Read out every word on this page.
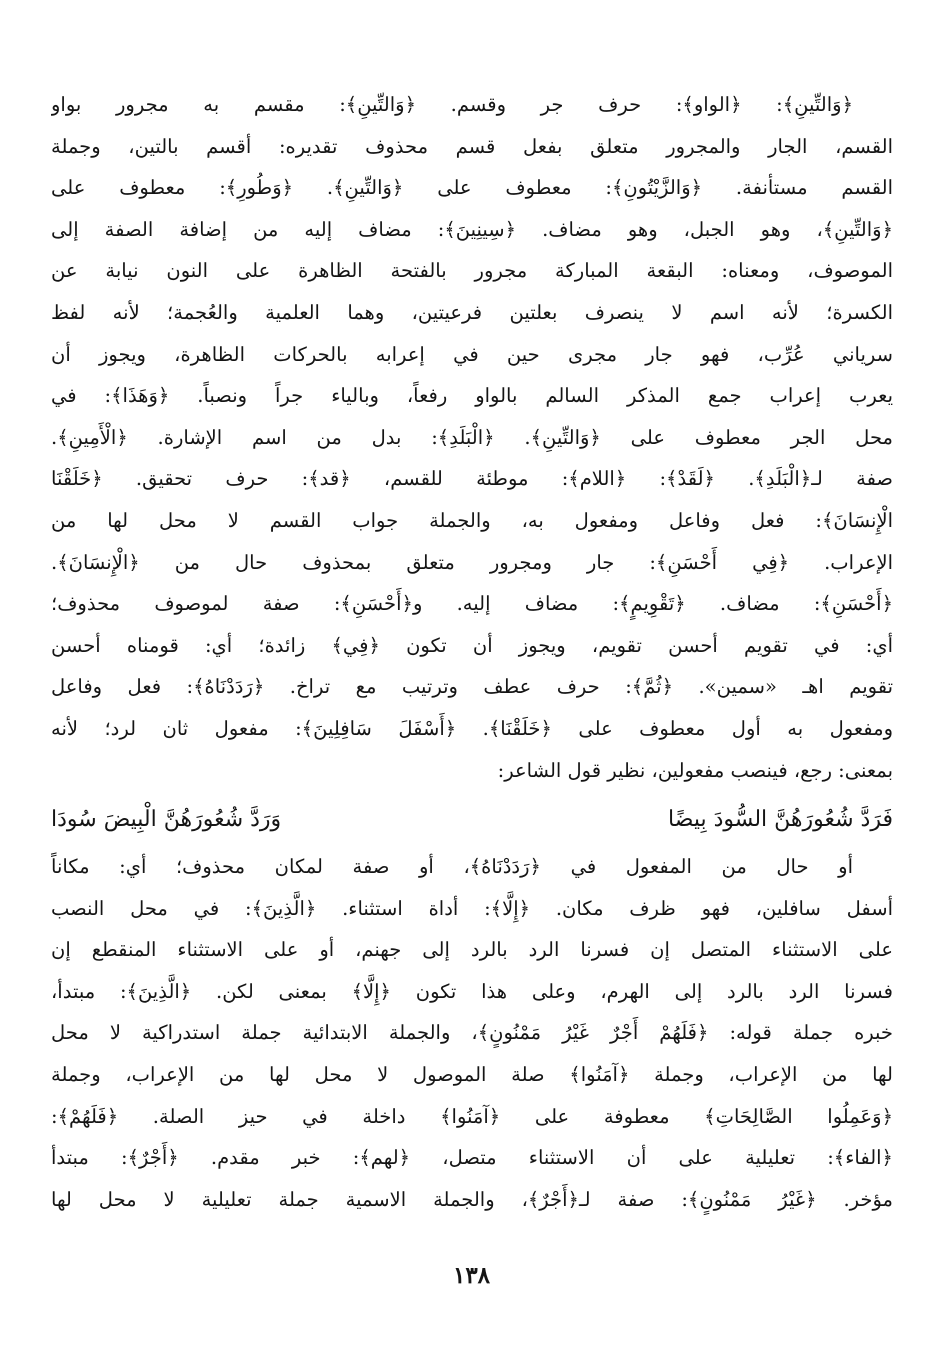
﴿وَالتِّينِ﴾: ﴿الواو﴾: حرف جر وقسم. ﴿وَالتِّينِ﴾: مقسم به مجرور بواو
القسم، الجار والمجرور متعلق بفعل قسم محذوف تقديره: أقسم بالتين، وجملة
القسم مستأنفة. ﴿وَالزَّيْتُونِ﴾: معطوف على ﴿وَالتِّينِ﴾. ﴿وَطُورِ﴾: معطوف على
﴿وَالتِّينِ﴾، وهو الجبل، وهو مضاف. ﴿سِينِينَ﴾: مضاف إليه من إضافة الصفة إلى
الموصوف، ومعناه: البقعة المباركة مجرور بالفتحة الظاهرة على النون نيابة عن
الكسرة؛ لأنه اسم لا ينصرف بعلتين فرعيتين، وهما العلمية والعُجمة؛ لأنه لفظ
سرياني عُرِّب، فهو جار مجرى حين في إعرابه بالحركات الظاهرة، ويجوز أن
يعرب إعراب جمع المذكر السالم بالواو رفعاً، وبالياء جراً ونصباً. ﴿وَهَذَا﴾: في
محل الجر معطوف على ﴿وَالتِّينِ﴾. ﴿الْبَلَدِ﴾: بدل من اسم الإشارة. ﴿الْأَمِينِ﴾.
صفة لـ﴿الْبَلَدِ﴾. ﴿لَقَدْ﴾: ﴿اللام﴾: موطئة للقسم، ﴿قد﴾: حرف تحقيق. ﴿خَلَقْنَا
الْإِنسَانَ﴾: فعل وفاعل ومفعول به، والجملة جواب القسم لا محل لها من
الإعراب. ﴿فِي أَحْسَنِ﴾: جار ومجرور متعلق بمحذوف حال من ﴿الْإِنسَانَ﴾.
﴿أَحْسَنِ﴾: مضاف. ﴿تَقْوِيمٍ﴾: مضاف إليه. و﴿أَحْسَنِ﴾: صفة لموصوف محذوف؛
أي: في تقويم أحسن تقويم، ويجوز أن تكون ﴿فِي﴾ زائدة؛ أي: قومناه أحسن
تقويم اهـ «سمين». ﴿ثُمَّ﴾: حرف عطف وترتيب مع تراخ. ﴿رَدَدْنَاهُ﴾: فعل وفاعل
ومفعول به أول معطوف على ﴿خَلَقْنَا﴾. ﴿أَسْفَلَ سَافِلِينَ﴾: مفعول ثان لرد؛ لأنه
بمعنى: رجع، فينصب مفعولين، نظير قول الشاعر:
فَرَدَّ شُعُورَهُنَّ السُّودَ بِيضًا
وَرَدَّ شُعُورَهُنَّ الْبِيضَ سُودَا
أو حال من المفعول في ﴿رَدَدْنَاهُ﴾، أو صفة لمكان محذوف؛ أي: مكاناً
أسفل سافلين، فهو ظرف مكان. ﴿إِلَّا﴾: أداة استثناء. ﴿الَّذِينَ﴾: في محل النصب
على الاستثناء المتصل إن فسرنا الرد بالرد إلى جهنم، أو على الاستثناء المنقطع إن
فسرنا الرد بالرد إلى الهرم، وعلى هذا تكون ﴿إِلَّا﴾ بمعنى لكن. ﴿الَّذِينَ﴾: مبتدأ،
خبره جملة قوله: ﴿فَلَهُمْ أَجْرٌ غَيْرُ مَمْنُونٍ﴾، والجملة الابتدائية جملة استدراكية لا محل
لها من الإعراب، وجملة ﴿آمَنُوا﴾ صلة الموصول لا محل لها من الإعراب، وجملة
﴿وَعَمِلُوا الصَّالِحَاتِ﴾ معطوفة على ﴿آمَنُوا﴾ داخلة في حيز الصلة. ﴿فَلَهُمْ﴾:
﴿الفاء﴾: تعليلية على أن الاستثناء متصل، ﴿لهم﴾: خبر مقدم. ﴿أَجْرٌ﴾: مبتدأ
مؤخر. ﴿غَيْرُ مَمْنُونٍ﴾: صفة لـ﴿أَجْرٌ﴾، والجملة الاسمية جملة تعليلية لا محل لها
١٣٨
